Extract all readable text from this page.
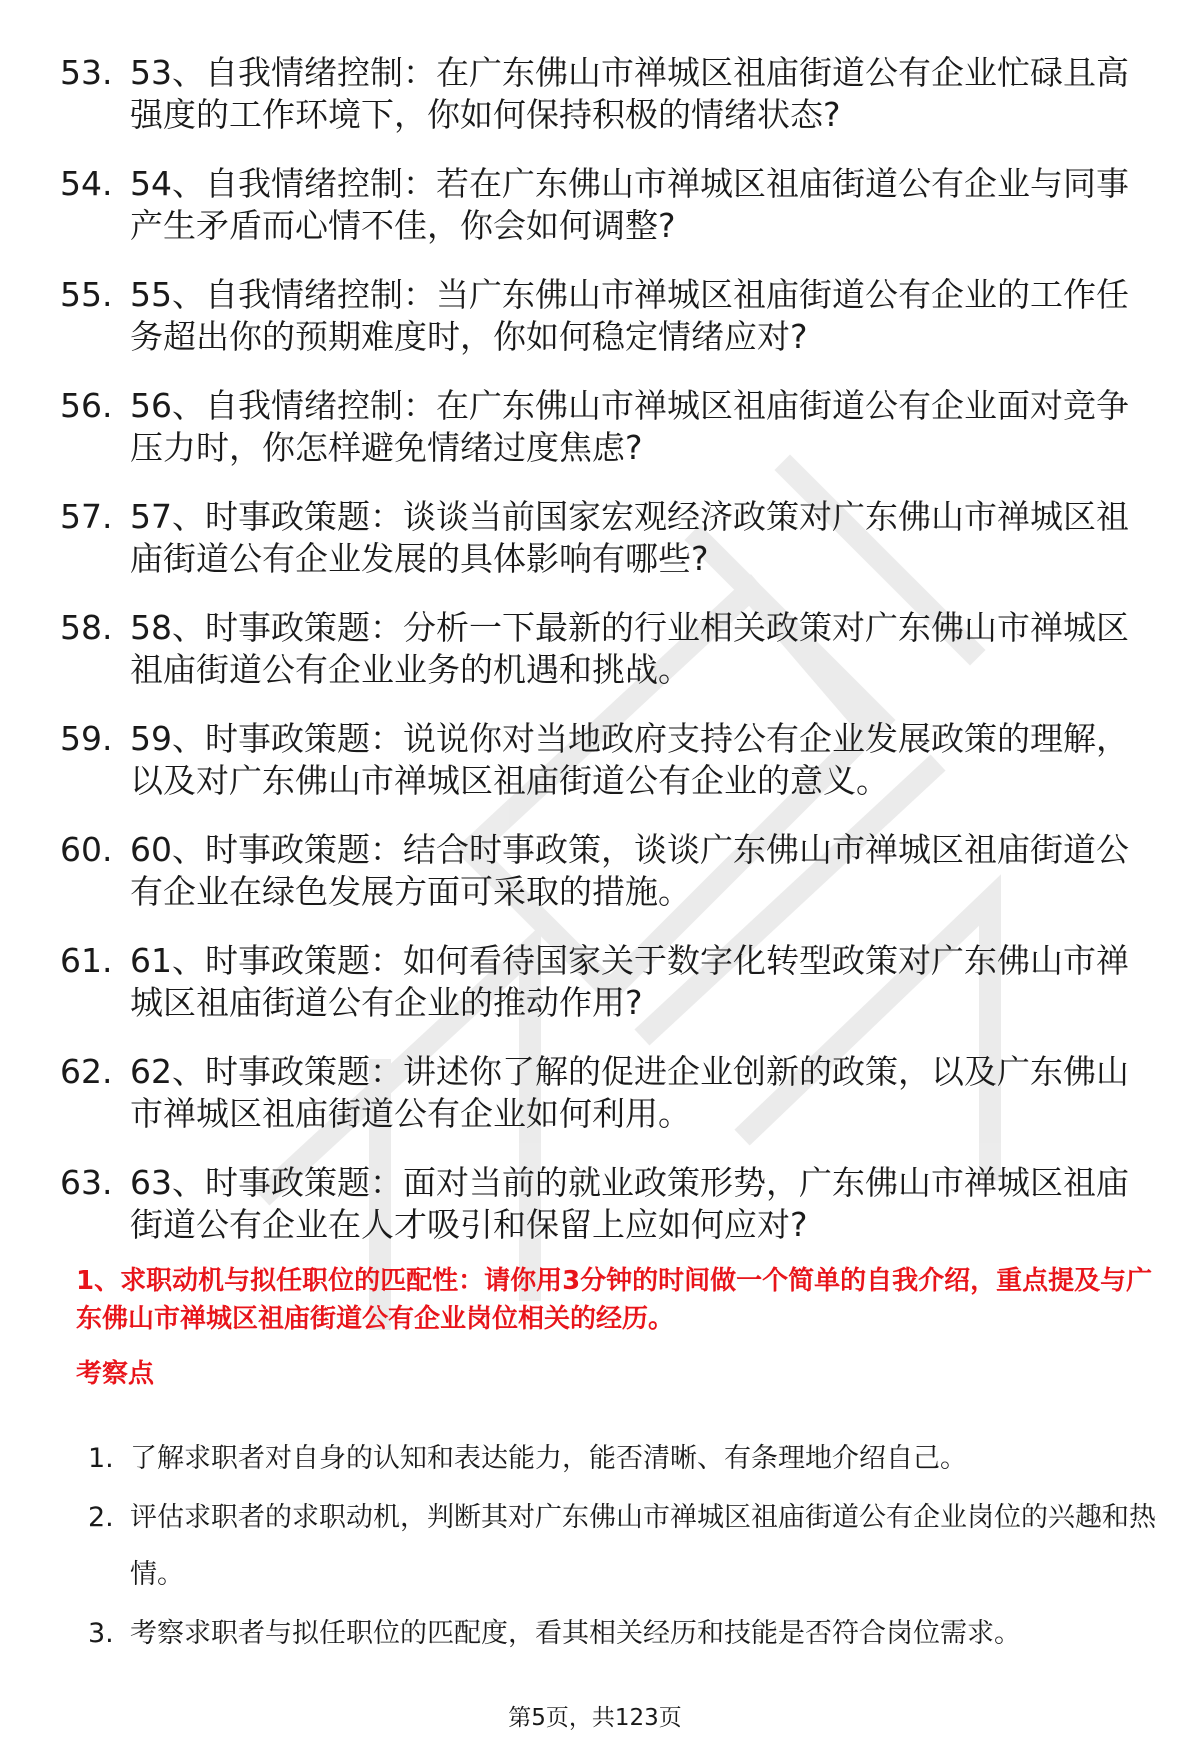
53. 53、自我情绪控制：在广东佛山市禅城区祖庙街道公有企业忙碌且高强度的工作环境下，你如何保持积极的情绪状态?
54. 54、自我情绪控制：若在广东佛山市禅城区祖庙街道公有企业与同事产生矛盾而心情不佳，你会如何调整?
55. 55、自我情绪控制：当广东佛山市禅城区祖庙街道公有企业的工作任务超出你的预期难度时，你如何稳定情绪应对?
56. 56、自我情绪控制：在广东佛山市禅城区祖庙街道公有企业面对竞争压力时，你怎样避免情绪过度焦虑?
57. 57、时事政策题：谈谈当前国家宏观经济政策对广东佛山市禅城区祖庙街道公有企业发展的具体影响有哪些?
58. 58、时事政策题：分析一下最新的行业相关政策对广东佛山市禅城区祖庙街道公有企业业务的机遇和挑战。
59. 59、时事政策题：说说你对当地政府支持公有企业发展政策的理解，以及对广东佛山市禅城区祖庙街道公有企业的意义。
60. 60、时事政策题：结合时事政策，谈谈广东佛山市禅城区祖庙街道公有企业在绿色发展方面可采取的措施。
61. 61、时事政策题：如何看待国家关于数字化转型政策对广东佛山市禅城区祖庙街道公有企业的推动作用?
62. 62、时事政策题：讲述你了解的促进企业创新的政策，以及广东佛山市禅城区祖庙街道公有企业如何利用。
63. 63、时事政策题：面对当前的就业政策形势，广东佛山市禅城区祖庙街道公有企业在人才吸引和保留上应如何应对?

1、求职动机与拟任职位的匹配性：请你用3分钟的时间做一个简单的自我介绍，重点提及与广东佛山市禅城区祖庙街道公有企业岗位相关的经历。

考察点

1. 了解求职者对自身的认知和表达能力，能否清晰、有条理地介绍自己。
2. 评估求职者的求职动机，判断其对广东佛山市禅城区祖庙街道公有企业岗位的兴趣和热情。
3. 考察求职者与拟任职位的匹配度，看其相关经历和技能是否符合岗位需求。
第5页，共123页
